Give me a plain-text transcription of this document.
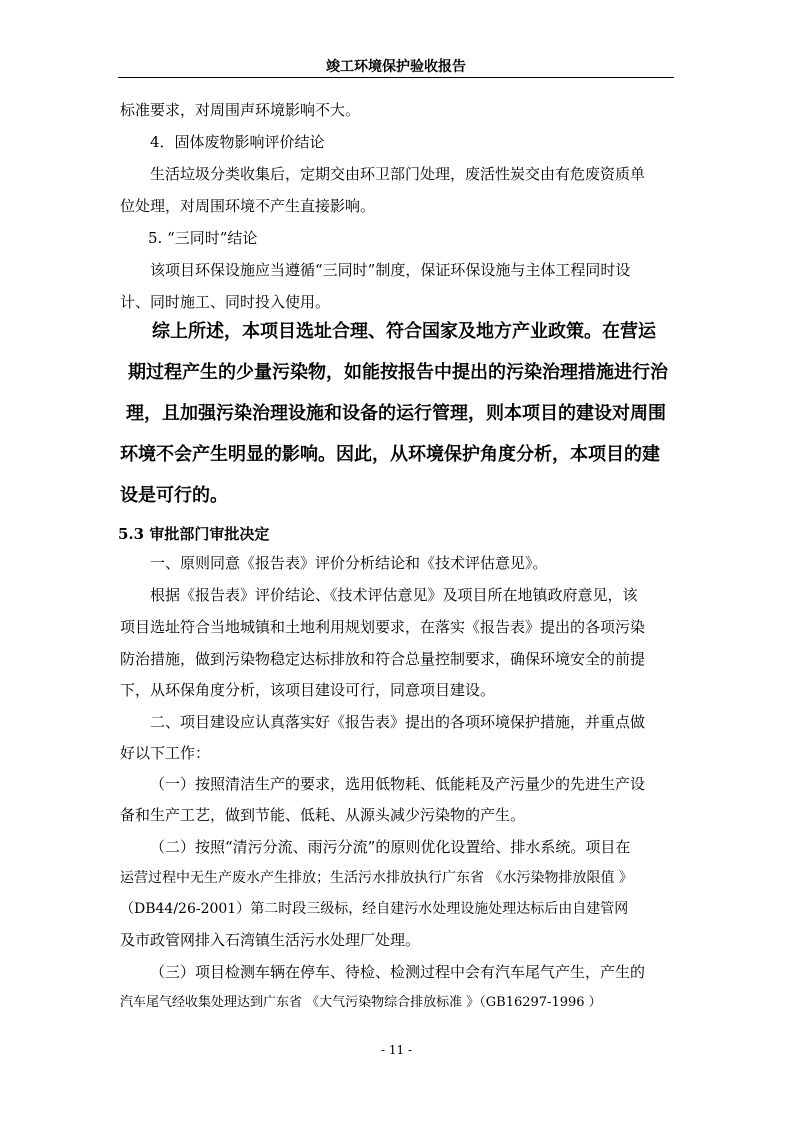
竣工环境保护验收报告
标准要求，对周围声环境影响不大。
4．固体废物影响评价结论
生活垃圾分类收集后，定期交由环卫部门处理，废活性炭交由有危废资质单
位处理，对周围环境不产生直接影响。
5. “三同时”结论
该项目环保设施应当遵循“三同时”制度，保证环保设施与主体工程同时设
计、同时施工、同时投入使用。
综上所述，本项目选址合理、符合国家及地方产业政策。在营运
期过程产生的少量污染物，如能按报告中提出的污染治理措施进行治
理，且加强污染治理设施和设备的运行管理，则本项目的建设对周围
环境不会产生明显的影响。因此，从环境保护角度分析，本项目的建
设是可行的。
5.3 审批部门审批决定
一、原则同意《报告表》评价分析结论和《技术评估意见》。
根据《报告表》评价结论、《技术评估意见》及项目所在地镇政府意见，该
项目选址符合当地城镇和土地利用规划要求，在落实《报告表》提出的各项污染
防治措施，做到污染物稳定达标排放和符合总量控制要求，确保环境安全的前提
下，从环保角度分析，该项目建设可行，同意项目建设。
二、项目建设应认真落实好《报告表》提出的各项环境保护措施，并重点做
好以下工作：
（一）按照清洁生产的要求，选用低物耗、低能耗及产污量少的先进生产设
备和生产工艺，做到节能、低耗、从源头减少污染物的产生。
（二）按照“清污分流、雨污分流”的原则优化设置给、排水系统。项目在
运营过程中无生产废水产生排放；生活污水排放执行广东省 《水污染物排放限值 》
（DB44/26-2001）第二时段三级标，经自建污水处理设施处理达标后由自建管网
及市政管网排入石湾镇生活污水处理厂处理。
（三）项目检测车辆在停车、待检、检测过程中会有汽车尾气产生，产生的
汽车尾气经收集处理达到广东省 《大气污染物综合排放标准 》（GB16297-1996 ）
- 11 -
